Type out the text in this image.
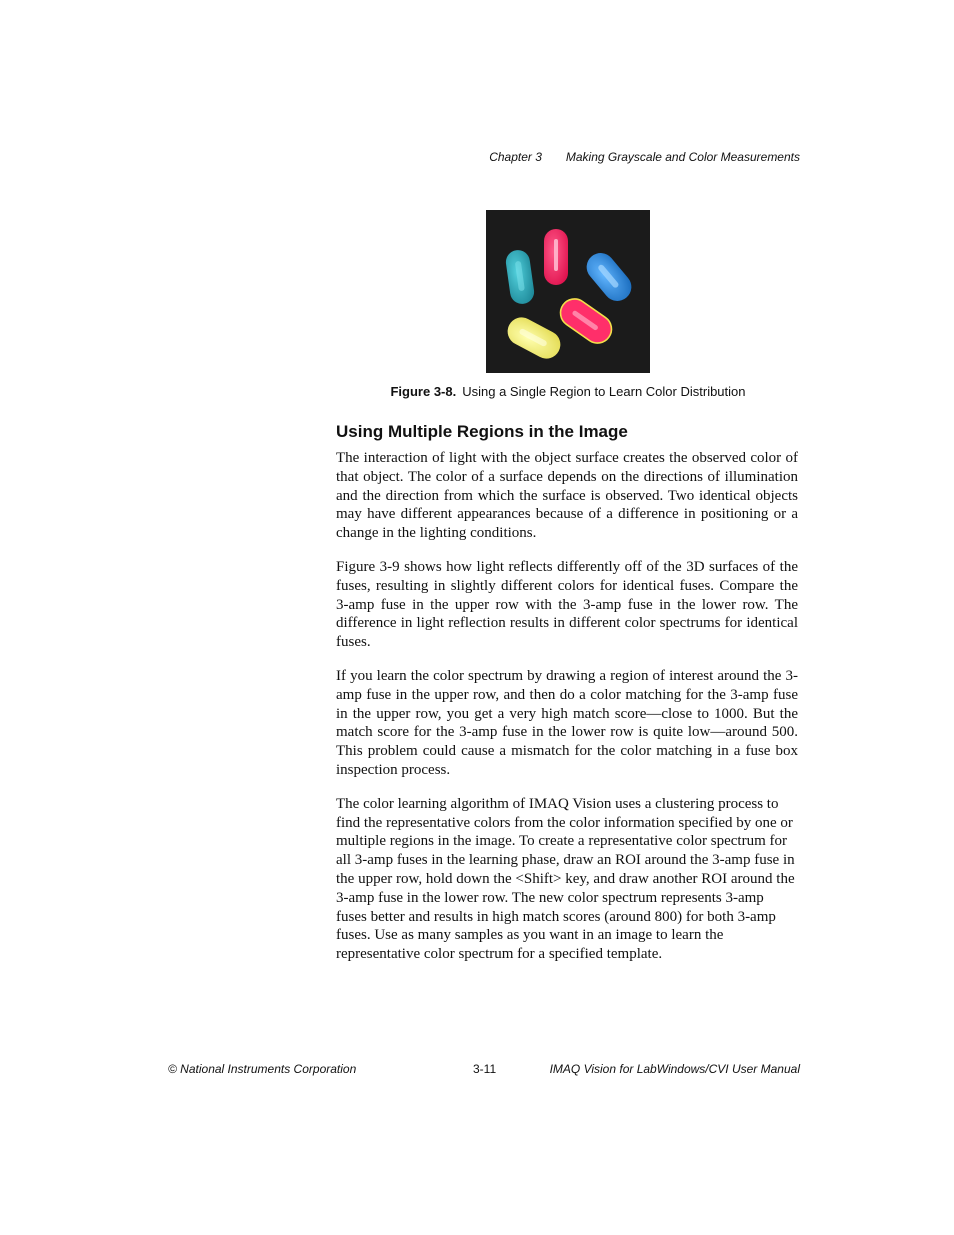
Chapter 3 Making Grayscale and Color Measurements
Figure 3-8. Using a Single Region to Learn Color Distribution
Using Multiple Regions in the Image

The interaction of light with the object surface creates the observed color of that object. The color of a surface depends on the directions of illumination and the direction from which the surface is observed. Two identical objects may have different appearances because of a difference in positioning or a change in the lighting conditions.

Figure 3-9 shows how light reflects differently off of the 3D surfaces of the fuses, resulting in slightly different colors for identical fuses. Compare the 3-amp fuse in the upper row with the 3-amp fuse in the lower row. The difference in light reflection results in different color spectrums for identical fuses.

If you learn the color spectrum by drawing a region of interest around the 3-amp fuse in the upper row, and then do a color matching for the 3-amp fuse in the upper row, you get a very high match score—close to 1000. But the match score for the 3-amp fuse in the lower row is quite low—around 500. This problem could cause a mismatch for the color matching in a fuse box inspection process.

The color learning algorithm of IMAQ Vision uses a clustering process to find the representative colors from the color information specified by one or multiple regions in the image. To create a representative color spectrum for all 3-amp fuses in the learning phase, draw an ROI around the 3-amp fuse in the upper row, hold down the <Shift> key, and draw another ROI around the 3-amp fuse in the lower row. The new color spectrum represents 3-amp fuses better and results in high match scores (around 800) for both 3-amp fuses. Use as many samples as you want in an image to learn the representative color spectrum for a specified template.

© National Instruments Corporation	3-11	IMAQ Vision for LabWindows/CVI User Manual
